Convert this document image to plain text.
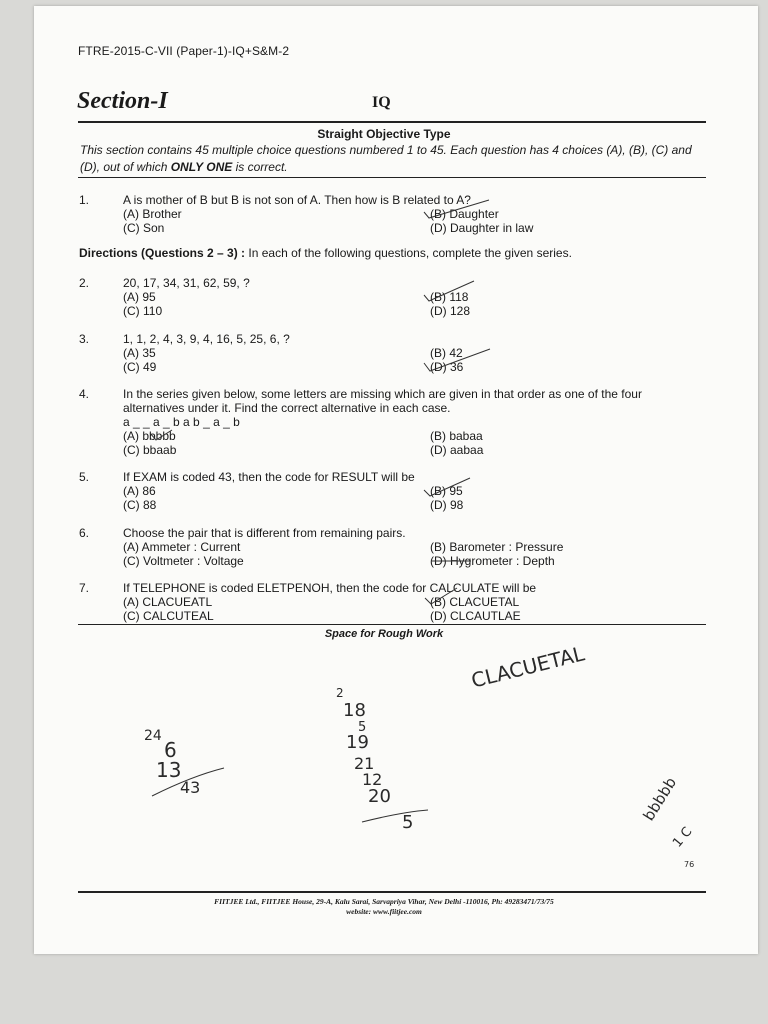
FTRE-2015-C-VII (Paper-1)-IQ+S&M-2
Section-I	IQ
Straight Objective Type
This section contains 45 multiple choice questions numbered 1 to 45. Each question has 4 choices (A), (B), (C) and (D), out of which ONLY ONE is correct.
1.	A is mother of B but B is not son of A. Then how is B related to A?
(A) Brother	(B) Daughter
(C) Son	(D) Daughter in law
Directions (Questions 2 – 3) : In each of the following questions, complete the given series.
2.	20, 17, 34, 31, 62, 59, ?
(A) 95	(B) 118
(C) 110	(D) 128
3.	1, 1, 2, 4, 3, 9, 4, 16, 5, 25, 6, ?
(A) 35	(B) 42
(C) 49	(D) 36
4.	In the series given below, some letters are missing which are given in that order as one of the four alternatives under it. Find the correct alternative in each case.
a _ _ a _ b a b _ a _ b
(A) bbbbb	(B) babaa
(C) bbaab	(D) aabaa
5.	If EXAM is coded 43, then the code for RESULT will be
(A) 86	(B) 95
(C) 88	(D) 98
6.	Choose the pair that is different from remaining pairs.
(A) Ammeter : Current	(B) Barometer : Pressure
(C) Voltmeter : Voltage	(D) Hygrometer : Depth
7.	If TELEPHONE is coded ELETPENOH, then the code for CALCULATE will be
(A) CLACUEATL	(B) CLACUETAL
(C) CALCUTEAL	(D) CLCAUTLAE
Space for Rough Work
CLACUETAL
24
6
13
43
2
18
5
19
21
12
20
5	bbbbb
1 C
76
FIITJEE Ltd., FIITJEE House, 29-A, Kalu Sarai, Sarvapriya Vihar, New Delhi -110016, Ph: 49283471/73/75
website: www.fiitjee.com
